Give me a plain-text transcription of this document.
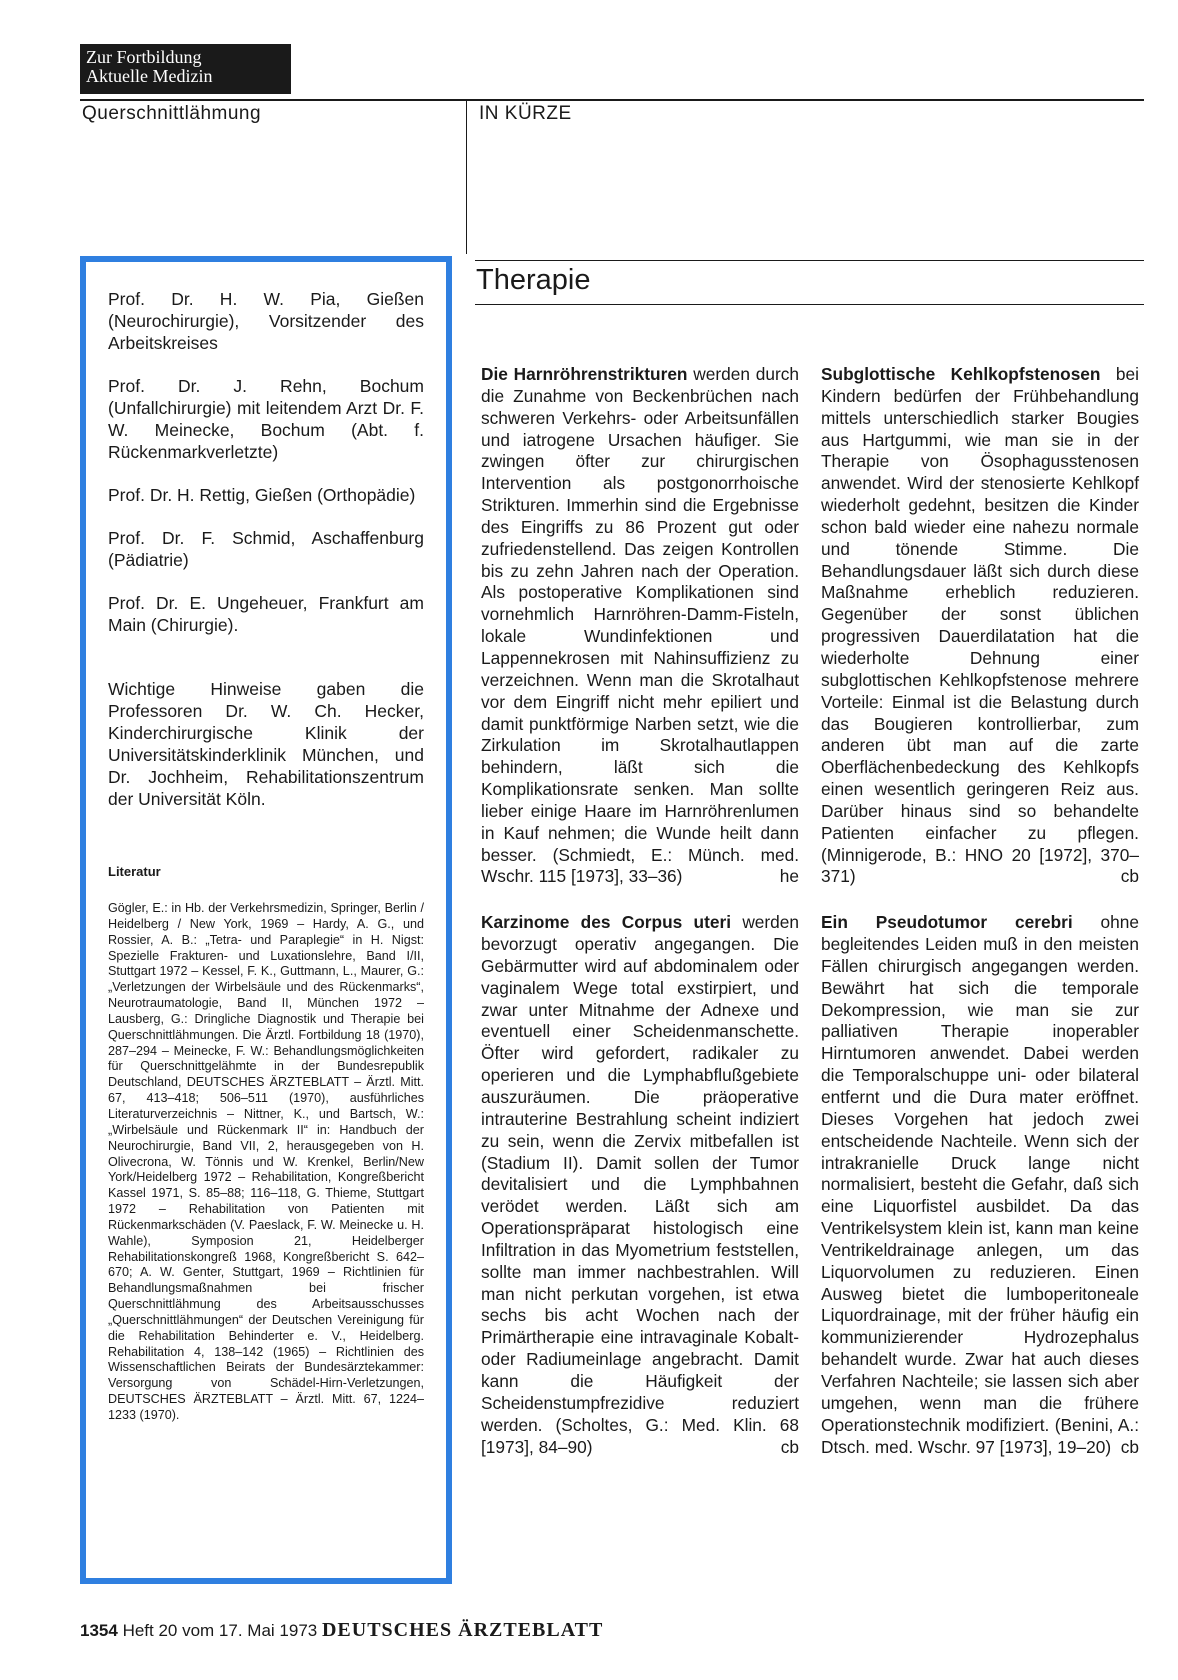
Zur Fortbildung
Aktuelle Medizin
Querschnittlähmung	IN KÜRZE

Prof. Dr. H. W. Pia, Gießen (Neurochirurgie), Vorsitzender des Arbeitskreises

Prof. Dr. J. Rehn, Bochum (Unfallchirurgie) mit leitendem Arzt Dr. F. W. Meinecke, Bochum (Abt. f. Rückenmarkverletzte)

Prof. Dr. H. Rettig, Gießen (Orthopädie)

Prof. Dr. F. Schmid, Aschaffenburg (Pädiatrie)

Prof. Dr. E. Ungeheuer, Frankfurt am Main (Chirurgie).

Wichtige Hinweise gaben die Professoren Dr. W. Ch. Hecker, Kinderchirurgische Klinik der Universitätskinderklinik München, und Dr. Jochheim, Rehabilitationszentrum der Universität Köln.
Literatur
Gögler, E.: in Hb. der Verkehrsmedizin, Springer, Berlin / Heidelberg / New York, 1969 – Hardy, A. G., und Rossier, A. B.: „Tetra- und Paraplegie“ in H. Nigst: Spezielle Frakturen- und Luxationslehre, Band I/II, Stuttgart 1972 – Kessel, F. K., Guttmann, L., Maurer, G.: „Verletzungen der Wirbelsäule und des Rückenmarks“, Neurotraumatologie, Band II, München 1972 – Lausberg, G.: Dringliche Diagnostik und Therapie bei Querschnittlähmungen. Die Ärztl. Fortbildung 18 (1970), 287–294 – Meinecke, F. W.: Behandlungsmöglichkeiten für Querschnittgelähmte in der Bundesrepublik Deutschland, DEUTSCHES ÄRZTEBLATT – Ärztl. Mitt. 67, 413–418; 506–511 (1970), ausführliches Literaturverzeichnis – Nittner, K., und Bartsch, W.: „Wirbelsäule und Rückenmark II“ in: Handbuch der Neurochirurgie, Band VII, 2, herausgegeben von H. Olivecrona, W. Tönnis und W. Krenkel, Berlin/New York/Heidelberg 1972 – Rehabilitation, Kongreßbericht Kassel 1971, S. 85–88; 116–118, G. Thieme, Stuttgart 1972 – Rehabilitation von Patienten mit Rückenmarkschäden (V. Paeslack, F. W. Meinecke u. H. Wahle), Symposion 21, Heidelberger Rehabilitationskongreß 1968, Kongreßbericht S. 642–670; A. W. Genter, Stuttgart, 1969 – Richtlinien für Behandlungsmaßnahmen bei frischer Querschnittlähmung des Arbeitsausschusses „Querschnittlähmungen“ der Deutschen Vereinigung für die Rehabilitation Behinderter e. V., Heidelberg. Rehabilitation 4, 138–142 (1965) – Richtlinien des Wissenschaftlichen Beirats der Bundesärztekammer: Versorgung von Schädel-Hirn-Verletzungen, DEUTSCHES ÄRZTEBLATT – Ärztl. Mitt. 67, 1224–1233 (1970).
Therapie
Die Harnröhrenstrikturen werden durch die Zunahme von Beckenbrüchen nach schweren Verkehrs- oder Arbeitsunfällen und iatrogene Ursachen häufiger. Sie zwingen öfter zur chirurgischen Intervention als postgonorrhoische Strikturen. Immerhin sind die Ergebnisse des Eingriffs zu 86 Prozent gut oder zufriedenstellend. Das zeigen Kontrollen bis zu zehn Jahren nach der Operation. Als postoperative Komplikationen sind vornehmlich Harnröhren-Damm-Fisteln, lokale Wundinfektionen und Lappennekrosen mit Nahinsuffizienz zu verzeichnen. Wenn man die Skrotalhaut vor dem Eingriff nicht mehr epiliert und damit punktförmige Narben setzt, wie die Zirkulation im Skrotalhautlappen behindern, läßt sich die Komplikationsrate senken. Man sollte lieber einige Haare im Harnröhrenlumen in Kauf nehmen; die Wunde heilt dann besser. (Schmiedt, E.: Münch. med. Wschr. 115 [1973], 33–36)	he
Karzinome des Corpus uteri werden bevorzugt operativ angegangen. Die Gebärmutter wird auf abdominalem oder vaginalem Wege total exstirpiert, und zwar unter Mitnahme der Adnexe und eventuell einer Scheidenmanschette. Öfter wird gefordert, radikaler zu operieren und die Lymphabflußgebiete auszuräumen. Die präoperative intrauterine Bestrahlung scheint indiziert zu sein, wenn die Zervix mitbefallen ist (Stadium II). Damit sollen der Tumor devitalisiert und die Lymphbahnen verödet werden. Läßt sich am Operationspräparat histologisch eine Infiltration in das Myometrium feststellen, sollte man immer nachbestrahlen. Will man nicht perkutan vorgehen, ist etwa sechs bis acht Wochen nach der Primärtherapie eine intravaginale Kobalt- oder Radiumeinlage angebracht. Damit kann die Häufigkeit der Scheidenstumpfrezidive reduziert werden. (Scholtes, G.: Med. Klin. 68 [1973], 84–90)	cb
Subglottische Kehlkopfstenosen bei Kindern bedürfen der Frühbehandlung mittels unterschiedlich starker Bougies aus Hartgummi, wie man sie in der Therapie von Ösophagusstenosen anwendet. Wird der stenosierte Kehlkopf wiederholt gedehnt, besitzen die Kinder schon bald wieder eine nahezu normale und tönende Stimme. Die Behandlungsdauer läßt sich durch diese Maßnahme erheblich reduzieren. Gegenüber der sonst üblichen progressiven Dauerdilatation hat die wiederholte Dehnung einer subglottischen Kehlkopfstenose mehrere Vorteile: Einmal ist die Belastung durch das Bougieren kontrollierbar, zum anderen übt man auf die zarte Oberflächenbedeckung des Kehlkopfs einen wesentlich geringeren Reiz aus. Darüber hinaus sind so behandelte Patienten einfacher zu pflegen. (Minnigerode, B.: HNO 20 [1972], 370–371)	cb
Ein Pseudotumor cerebri ohne begleitendes Leiden muß in den meisten Fällen chirurgisch angegangen werden. Bewährt hat sich die temporale Dekompression, wie man sie zur palliativen Therapie inoperabler Hirntumoren anwendet. Dabei werden die Temporalschuppe uni- oder bilateral entfernt und die Dura mater eröffnet. Dieses Vorgehen hat jedoch zwei entscheidende Nachteile. Wenn sich der intrakranielle Druck lange nicht normalisiert, besteht die Gefahr, daß sich eine Liquorfistel ausbildet. Da das Ventrikelsystem klein ist, kann man keine Ventrikeldrainage anlegen, um das Liquorvolumen zu reduzieren. Einen Ausweg bietet die lumboperitoneale Liquordrainage, mit der früher häufig ein kommunizierender Hydrozephalus behandelt wurde. Zwar hat auch dieses Verfahren Nachteile; sie lassen sich aber umgehen, wenn man die frühere Operationstechnik modifiziert. (Benini, A.: Dtsch. med. Wschr. 97 [1973], 19–20) cb
1354 Heft 20 vom 17. Mai 1973 DEUTSCHES ÄRZTEBLATT
